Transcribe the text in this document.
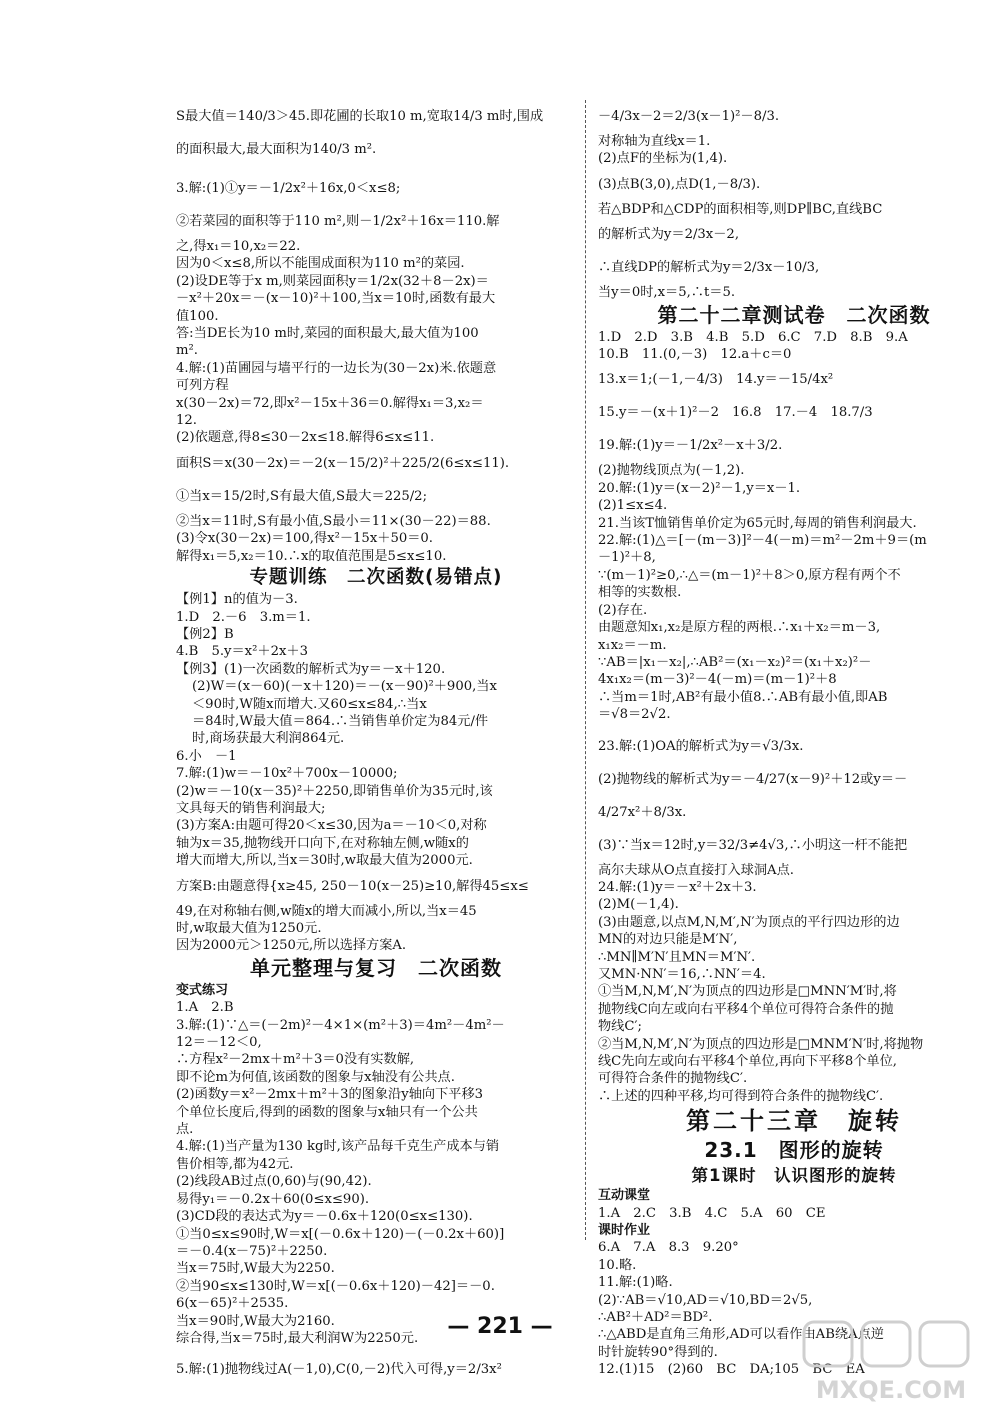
S最大值＝140/3＞45.即花圃的长取10 m,宽取14/3 m时,围成
的面积最大,最大面积为140/3 m².
3.解:(1)①y＝－1/2x²＋16x,0＜x≤8;
②若菜园的面积等于110 m²,则－1/2x²＋16x＝110.解
之,得x₁＝10,x₂＝22.
因为0＜x≤8,所以不能围成面积为110 m²的菜园.
(2)设DE等于x m,则菜园面积y＝1/2x(32＋8－2x)＝
－x²＋20x＝－(x－10)²＋100,当x＝10时,函数有最大
值100.
答:当DE长为10 m时,菜园的面积最大,最大值为100
m².
4.解:(1)苗圃园与墙平行的一边长为(30－2x)米.依题意
可列方程
x(30－2x)＝72,即x²－15x＋36＝0.解得x₁＝3,x₂＝
12.
(2)依题意,得8≤30－2x≤18.解得6≤x≤11.
面积S＝x(30－2x)＝－2(x－15/2)²＋225/2(6≤x≤11).
①当x＝15/2时,S有最大值,S最大＝225/2;
②当x＝11时,S有最小值,S最小＝11×(30－22)＝88.
(3)令x(30－2x)＝100,得x²－15x＋50＝0.
解得x₁＝5,x₂＝10.∴x的取值范围是5≤x≤10.
专题训练　二次函数(易错点)
【例1】n的值为－3.
1.D　2.－6　3.m＝1.
【例2】B
4.B　5.y＝x²＋2x＋3
【例3】(1)一次函数的解析式为y＝－x＋120.
(2)W＝(x－60)(－x＋120)＝－(x－90)²＋900,当x
＜90时,W随x而增大.又60≤x≤84,∴当x
＝84时,W最大值＝864.∴当销售单价定为84元/件
时,商场获最大利润864元.
6.小　－1
7.解:(1)w＝－10x²＋700x－10000;
(2)w＝－10(x－35)²＋2250,即销售单价为35元时,该
文具每天的销售利润最大;
(3)方案A:由题可得20＜x≤30,因为a＝－10＜0,对称
轴为x＝35,抛物线开口向下,在对称轴左侧,w随x的
增大而增大,所以,当x＝30时,w取最大值为2000元.
方案B:由题意得{x≥45, 250－10(x－25)≥10,解得45≤x≤
49,在对称轴右侧,w随x的增大而减小,所以,当x＝45
时,w取最大值为1250元.
因为2000元＞1250元,所以选择方案A.
单元整理与复习　二次函数
变式练习
1.A　2.B
3.解:(1)∵△＝(－2m)²－4×1×(m²＋3)＝4m²－4m²－
12＝－12＜0,
∴方程x²－2mx＋m²＋3＝0没有实数解,
即不论m为何值,该函数的图象与x轴没有公共点.
(2)函数y＝x²－2mx＋m²＋3的图象沿y轴向下平移3
个单位长度后,得到的函数的图象与x轴只有一个公共
点.
4.解:(1)当产量为130 kg时,该产品每千克生产成本与销
售价相等,都为42元.
(2)线段AB过点(0,60)与(90,42).
易得y₁＝－0.2x＋60(0≤x≤90).
(3)CD段的表达式为y＝－0.6x＋120(0≤x≤130).
①当0≤x≤90时,W＝x[(－0.6x＋120)－(－0.2x＋60)]
＝－0.4(x－75)²＋2250.
当x＝75时,W最大为2250.
②当90≤x≤130时,W＝x[(－0.6x＋120)－42]＝－0.
6(x－65)²＋2535.
当x＝90时,W最大为2160.
综合得,当x＝75时,最大利润W为2250元.
5.解:(1)抛物线过A(－1,0),C(0,－2)代入可得,y＝2/3x²
－4/3x－2＝2/3(x－1)²－8/3.
对称轴为直线x＝1.
(2)点F的坐标为(1,4).
(3)点B(3,0),点D(1,－8/3).
若△BDP和△CDP的面积相等,则DP∥BC,直线BC
的解析式为y＝2/3x－2,
∴直线DP的解析式为y＝2/3x－10/3,
当y＝0时,x＝5,∴t＝5.
第二十二章测试卷　二次函数
1.D　2.D　3.B　4.B　5.D　6.C　7.D　8.B　9.A
10.B　11.(0,－3)　12.a＋c＝0
13.x＝1;(－1,－4/3)　14.y＝－15/4x²
15.y＝－(x＋1)²－2　16.8　17.－4　18.7/3
19.解:(1)y＝－1/2x²－x＋3/2.
(2)抛物线顶点为(－1,2).
20.解:(1)y＝(x－2)²－1,y＝x－1.
(2)1≤x≤4.
21.当该T恤销售单价定为65元时,每周的销售利润最大.
22.解:(1)△＝[－(m－3)]²－4(－m)＝m²－2m＋9＝(m
－1)²＋8,
∵(m－1)²≥0,∴△＝(m－1)²＋8＞0,原方程有两个不
相等的实数根.
(2)存在.
由题意知x₁,x₂是原方程的两根.∴x₁＋x₂＝m－3,
x₁x₂＝－m.
∵AB＝|x₁－x₂|,∴AB²＝(x₁－x₂)²＝(x₁＋x₂)²－
4x₁x₂＝(m－3)²－4(－m)＝(m－1)²＋8
∴当m＝1时,AB²有最小值8.∴AB有最小值,即AB
＝√8＝2√2.
23.解:(1)OA的解析式为y＝√3/3x.
(2)抛物线的解析式为y＝－4/27(x－9)²＋12或y＝－
4/27x²＋8/3x.
(3)∵当x＝12时,y＝32/3≠4√3,∴小明这一杆不能把
高尔夫球从O点直接打入球洞A点.
24.解:(1)y＝－x²＋2x＋3.
(2)M(－1,4).
(3)由题意,以点M,N,M′,N′为顶点的平行四边形的边
MN的对边只能是M′N′,
∴MN∥M′N′且MN＝M′N′.
又MN·NN′＝16,∴NN′＝4.
①当M,N,M′,N′为顶点的四边形是□MNN′M′时,将
抛物线C向左或向右平移4个单位可得符合条件的抛
物线C′;
②当M,N,M′,N′为顶点的四边形是□MNM′N′时,将抛物
线C先向左或向右平移4个单位,再向下平移8个单位,
可得符合条件的抛物线C′.
∴上述的四种平移,均可得到符合条件的抛物线C′.
第二十三章　旋转
23.1　图形的旋转
第1课时　认识图形的旋转
互动课堂
1.A　2.C　3.B　4.C　5.A　60　CE
课时作业
6.A　7.A　8.3　9.20°
10.略.
11.解:(1)略.
(2)∵AB＝√10,AD＝√10,BD＝2√5,
∴AB²＋AD²＝BD².
∴△ABD是直角三角形,AD可以看作由AB绕A点逆
时针旋转90°得到的.
12.(1)15　(2)60　BC　DA;105　BC　EA
— 221 —
MXQE.COM
